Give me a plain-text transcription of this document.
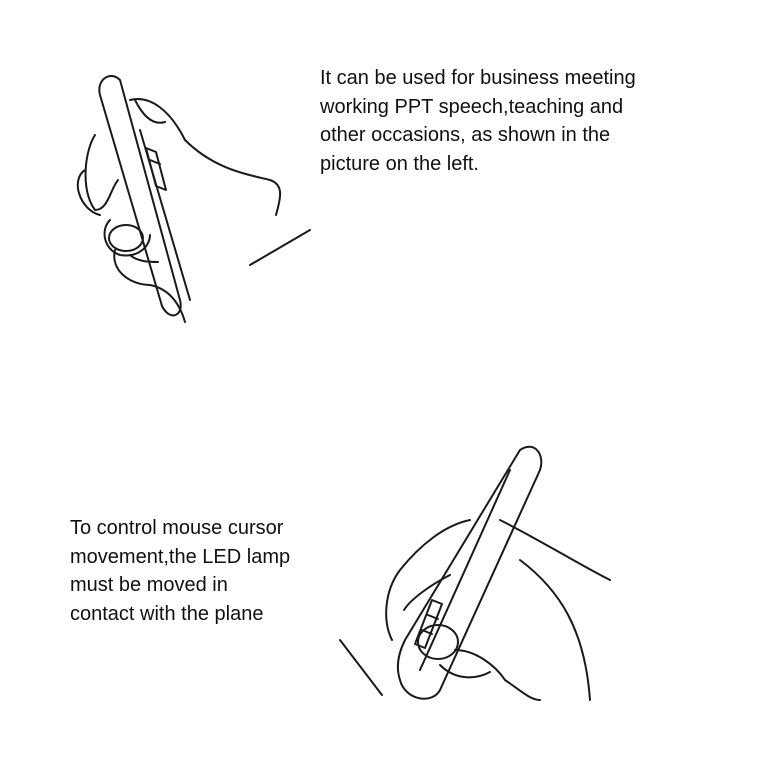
It can be used for business meeting
working PPT speech,teaching and
other occasions, as shown in the
picture on the left.
To control mouse cursor
movement,the LED lamp
must be moved in
contact with the plane
